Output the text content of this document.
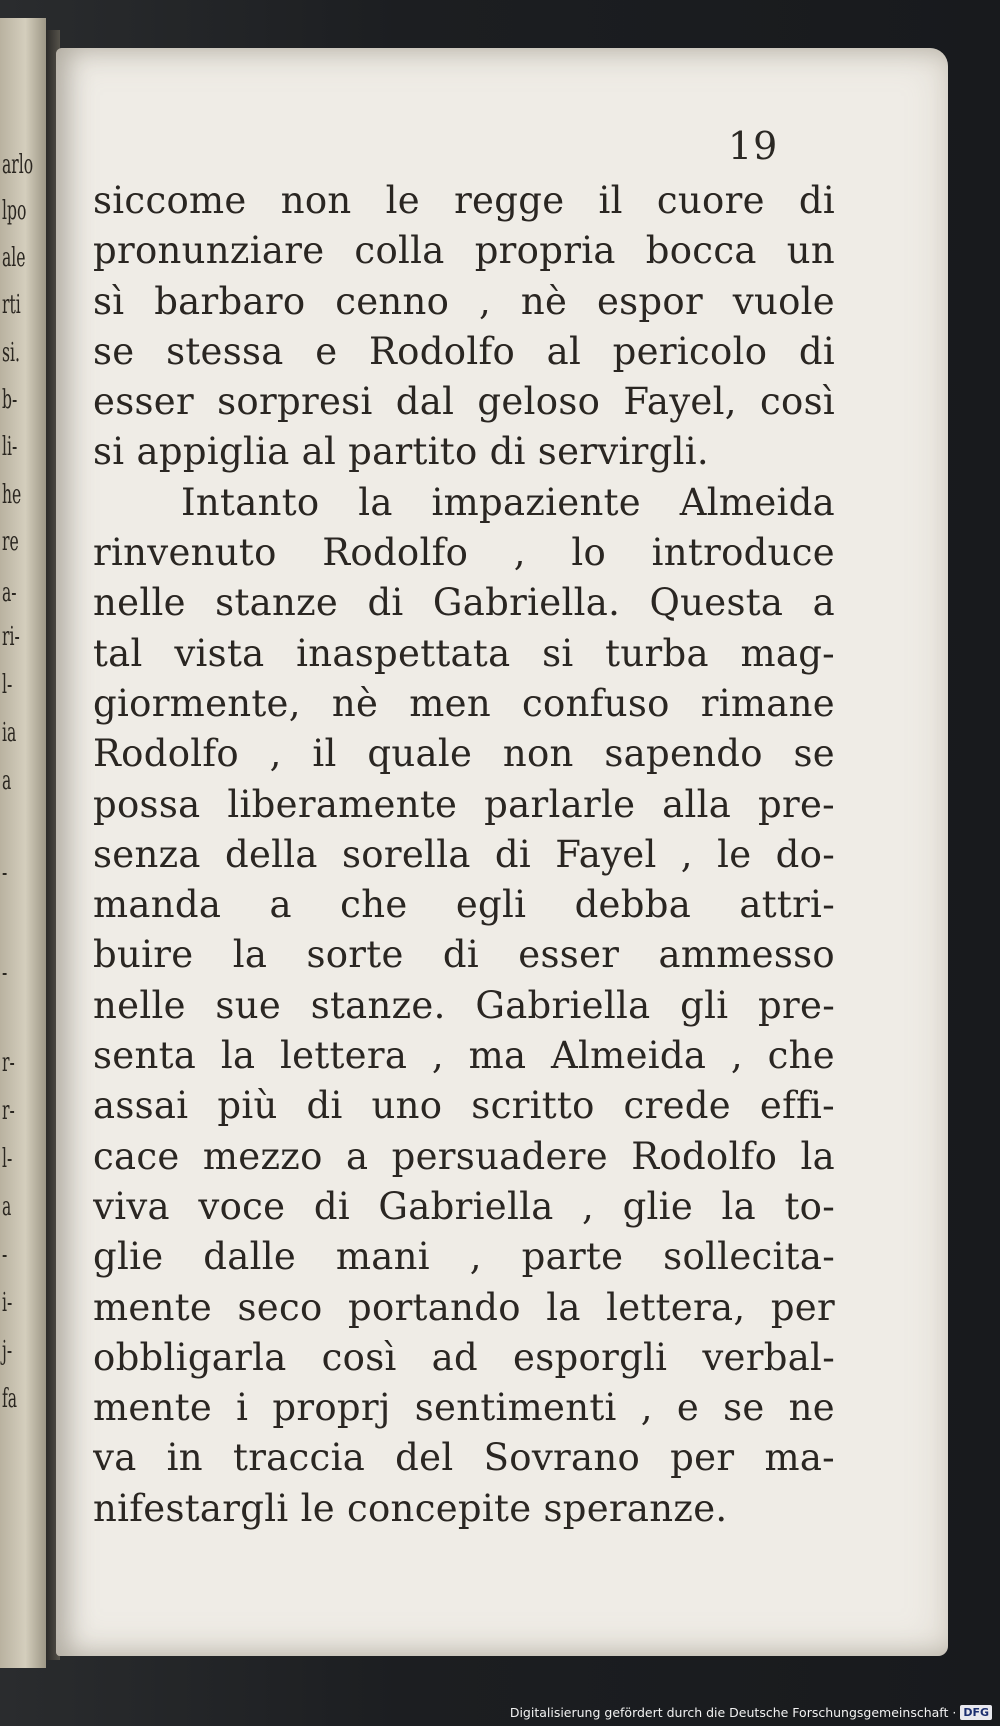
arlo
lpo
ale
rti
si.
b-
li-
he
re
a-
ri-
l-
ia
a
-
-
r-
r-
l-
a
-
i-
j-
fa
19
siccome non le regge il cuore di
pronunziare colla propria bocca un
sì barbaro cenno , nè espor vuole
se stessa e Rodolfo al pericolo di
esser sorpresi dal geloso Fayel, così
si appiglia al partito di servirgli.
Intanto la impaziente Almeida
rinvenuto Rodolfo , lo introduce
nelle stanze di Gabriella. Questa a
tal vista inaspettata si turba mag-
giormente, nè men confuso rimane
Rodolfo , il quale non sapendo se
possa liberamente parlarle alla pre-
senza della sorella di Fayel , le do-
manda a che egli debba attri-
buire la sorte di esser ammesso
nelle sue stanze. Gabriella gli pre-
senta la lettera , ma Almeida , che
assai più di uno scritto crede effi-
cace mezzo a persuadere Rodolfo la
viva voce di Gabriella , glie la to-
glie dalle mani , parte sollecita-
mente seco portando la lettera, per
obbligarla così ad esporgli verbal-
mente i proprj sentimenti , e se ne
va in traccia del Sovrano per ma-
nifestargli le concepite speranze.
Digitalisierung gefördert durch die Deutsche Forschungsgemeinschaft · DFG
